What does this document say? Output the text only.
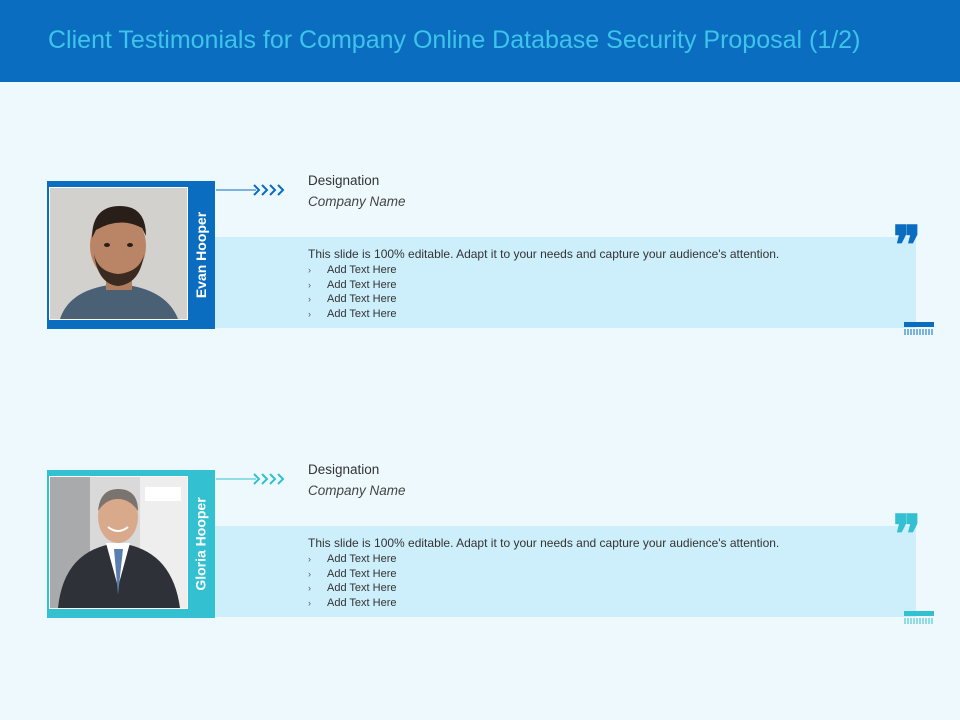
Client Testimonials for Company Online Database Security Proposal (1/2)
Evan Hooper
Designation
Company Name
This slide is 100% editable. Adapt it to your needs and capture your audience's attention.
› Add Text Here
› Add Text Here
› Add Text Here
› Add Text Here
❞
Gloria Hooper
Designation
Company Name
This slide is 100% editable. Adapt it to your needs and capture your audience's attention.
› Add Text Here
› Add Text Here
› Add Text Here
› Add Text Here
❞
